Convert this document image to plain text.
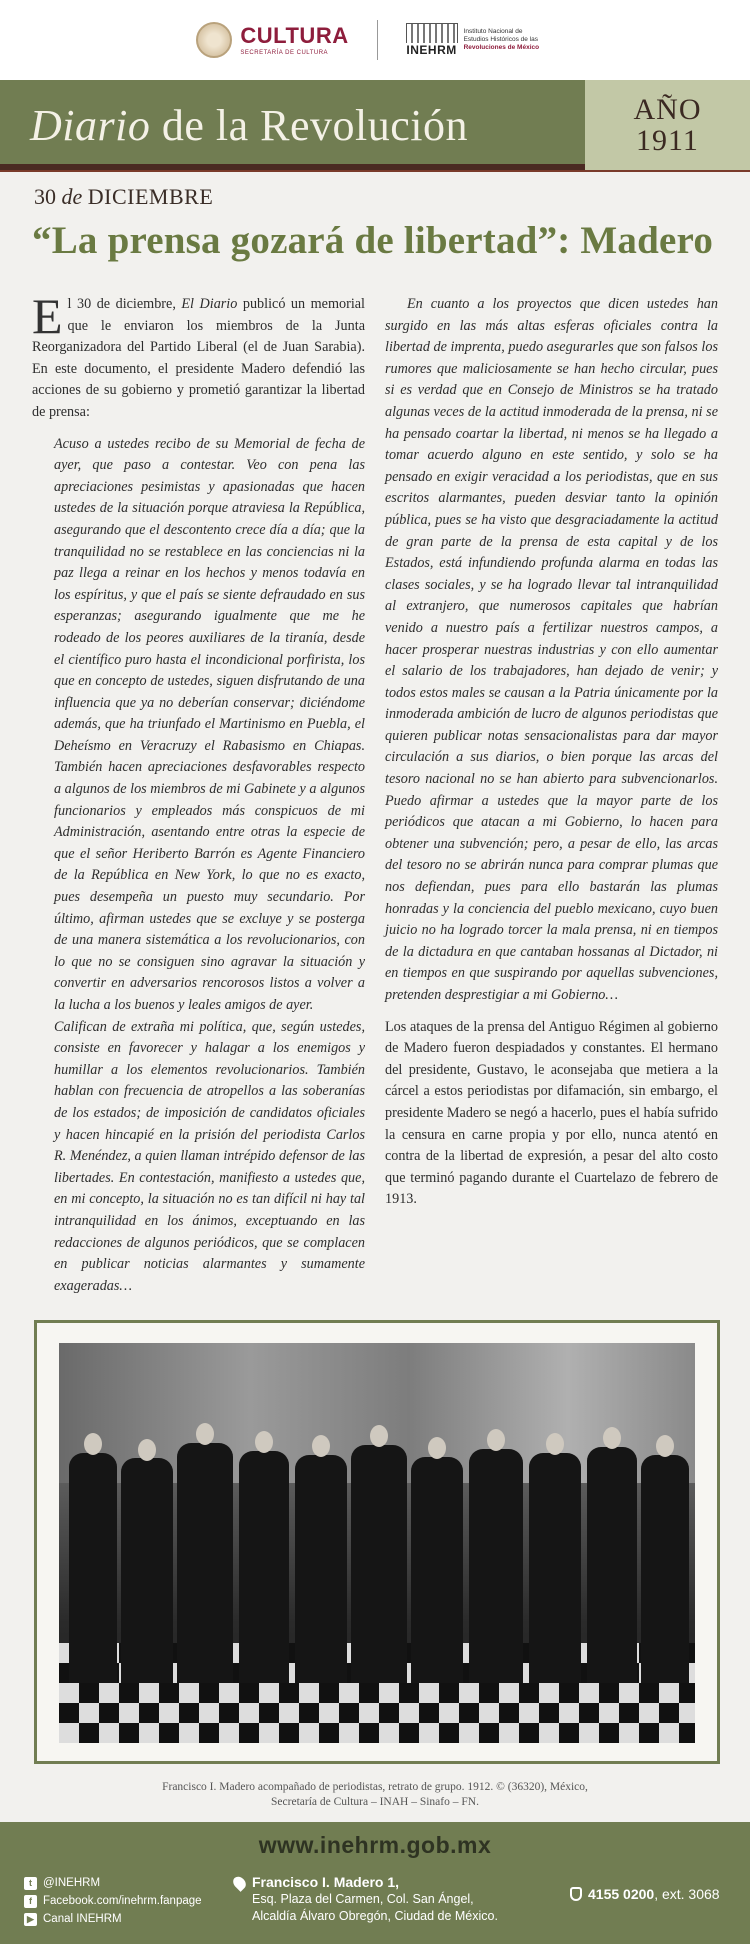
CULTURA
SECRETARÍA DE CULTURA	INEHRM
Instituto Nacional de
Estudios Históricos de las
Revoluciones de México
Diario de la Revolución	AÑO
1911
30 de DICIEMBRE
“La prensa gozará de libertad”: Madero

El 30 de diciembre, El Diario publicó un memorial que le enviaron los miembros de la Junta Reorganizadora del Partido Liberal (el de Juan Sarabia). En este documento, el presidente Madero defendió las acciones de su gobierno y prometió garantizar la libertad de prensa:

Acuso a ustedes recibo de su Memorial de fecha de ayer, que paso a contestar. Veo con pena las apreciaciones pesimistas y apasionadas que hacen ustedes de la situación porque atraviesa la República, asegurando que el descontento crece día a día; que la tranquilidad no se restablece en las conciencias ni la paz llega a reinar en los hechos y menos todavía en los espíritus, y que el país se siente defraudado en sus esperanzas; asegurando igualmente que me he rodeado de los peores auxiliares de la tiranía, desde el científico puro hasta el incondicional porfirista, los que en concepto de ustedes, siguen disfrutando de una influencia que ya no deberían conservar; diciéndome además, que ha triunfado el Martinismo en Puebla, el Deheísmo en Veracruzy el Rabasismo en Chiapas. También hacen apreciaciones desfavorables respecto a algunos de los miembros de mi Gabinete y a algunos funcionarios y empleados más conspicuos de mi Administración, asentando entre otras la especie de que el señor Heriberto Barrón es Agente Financiero de la República en New York, lo que no es exacto, pues desempeña un puesto muy secundario. Por último, afirman ustedes que se excluye y se posterga de una manera sistemática a los revolucionarios, con lo que no se consiguen sino agravar la situación y convertir en adversarios rencorosos listos a volver a la lucha a los buenos y leales amigos de ayer.

Califican de extraña mi política, que, según ustedes, consiste en favorecer y halagar a los enemigos y humillar a los elementos revolucionarios. También hablan con frecuencia de atropellos a las soberanías de los estados; de imposición de candidatos oficiales y hacen hincapié en la prisión del periodista Carlos R. Menéndez, a quien llaman intrépido defensor de las libertades. En contestación, manifiesto a ustedes que, en mi concepto, la situación no es tan difícil ni hay tal intranquilidad en los ánimos, exceptuando en las redacciones de algunos periódicos, que se complacen en publicar noticias alarmantes y sumamente exageradas…

En cuanto a los proyectos que dicen ustedes han surgido en las más altas esferas oficiales contra la libertad de imprenta, puedo asegurarles que son falsos los rumores que maliciosamente se han hecho circular, pues si es verdad que en Consejo de Ministros se ha tratado algunas veces de la actitud inmoderada de la prensa, ni se ha pensado coartar la libertad, ni menos se ha llegado a tomar acuerdo alguno en este sentido, y solo se ha pensado en exigir veracidad a los periodistas, que en sus escritos alarmantes, pueden desviar tanto la opinión pública, pues se ha visto que desgraciadamente la actitud de gran parte de la prensa de esta capital y de los Estados, está infundiendo profunda alarma en todas las clases sociales, y se ha logrado llevar tal intranquilidad al extranjero, que numerosos capitales que habrían venido a nuestro país a fertilizar nuestros campos, a hacer prosperar nuestras industrias y con ello aumentar el salario de los trabajadores, han dejado de venir; y todos estos males se causan a la Patria únicamente por la inmoderada ambición de lucro de algunos periodistas que quieren publicar notas sensacionalistas para dar mayor circulación a sus diarios, o bien porque las arcas del tesoro nacional no se han abierto para subvencionarlos. Puedo afirmar a ustedes que la mayor parte de los periódicos que atacan a mi Gobierno, lo hacen para obtener una subvención; pero, a pesar de ello, las arcas del tesoro no se abrirán nunca para comprar plumas que nos defiendan, pues para ello bastarán las plumas honradas y la conciencia del pueblo mexicano, cuyo buen juicio no ha logrado torcer la mala prensa, ni en tiempos de la dictadura en que cantaban hossanas al Dictador, ni en tiempos en que suspirando por aquellas subvenciones, pretenden desprestigiar a mi Gobierno…

Los ataques de la prensa del Antiguo Régimen al gobierno de Madero fueron despiadados y constantes. El hermano del presidente, Gustavo, le aconsejaba que metiera a la cárcel a estos periodistas por difamación, sin embargo, el presidente Madero se negó a hacerlo, pues el había sufrido la censura en carne propia y por ello, nunca atentó en contra de la libertad de expresión, a pesar del alto costo que terminó pagando durante el Cuartelazo de febrero de 1913.

Francisco I. Madero acompañado de periodistas, retrato de grupo. 1912. © (36320), México,
Secretaría de Cultura – INAH – Sinafo – FN.
www.inehrm.gob.mx
t @INEHRM
f Facebook.com/inehrm.fanpage
▶ Canal INEHRM
Francisco I. Madero 1,
Esq. Plaza del Carmen, Col. San Ángel,
Alcaldía Álvaro Obregón, Ciudad de México.
4155 0200, ext. 3068
